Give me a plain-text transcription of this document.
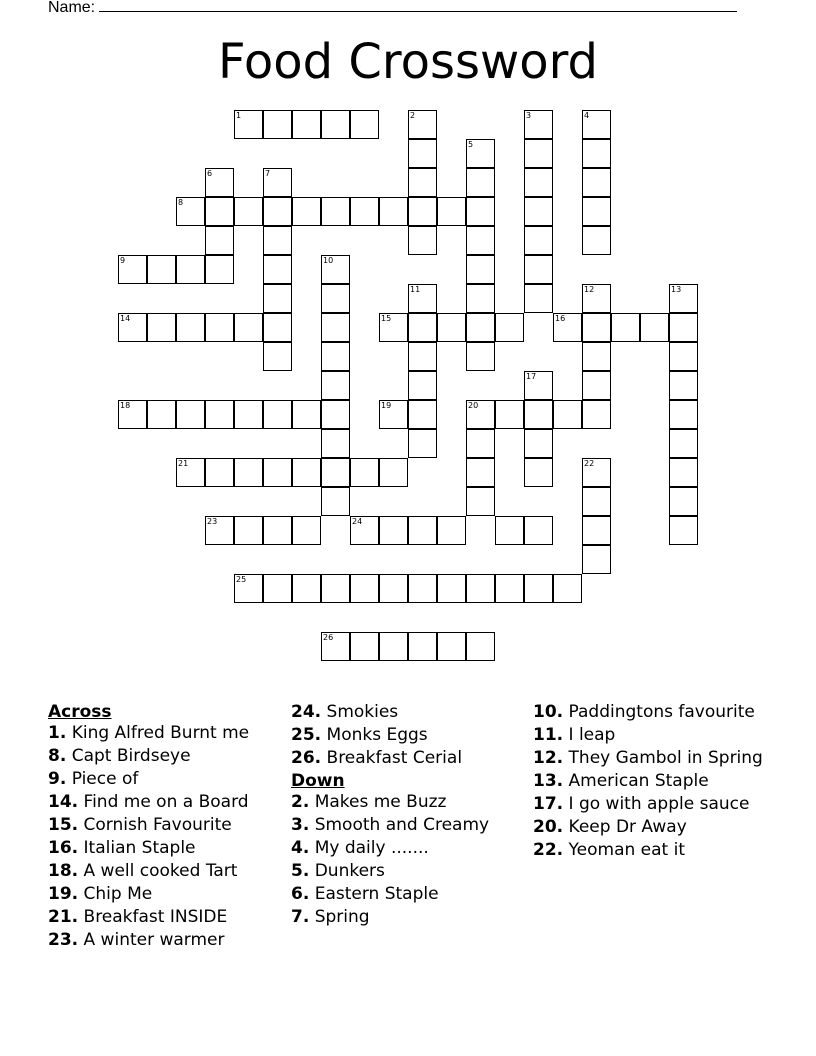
Name:
Food Crossword
1	2	3	4
5
6	7
8
9	10
11	12	13
14	15	16
17
18	19	20
21	22
23	24
25
26
Across
1. King Alfred Burnt me
8. Capt Birdseye
9. Piece of
14. Find me on a Board
15. Cornish Favourite
16. Italian Staple
18. A well cooked Tart
19. Chip Me
21. Breakfast INSIDE
23. A winter warmer
24. Smokies
25. Monks Eggs
26. Breakfast Cerial
Down
2. Makes me Buzz
3. Smooth and Creamy
4. My daily .......
5. Dunkers
6. Eastern Staple
7. Spring
10. Paddingtons favourite
11. I leap
12. They Gambol in Spring
13. American Staple
17. I go with apple sauce
20. Keep Dr Away
22. Yeoman eat it
